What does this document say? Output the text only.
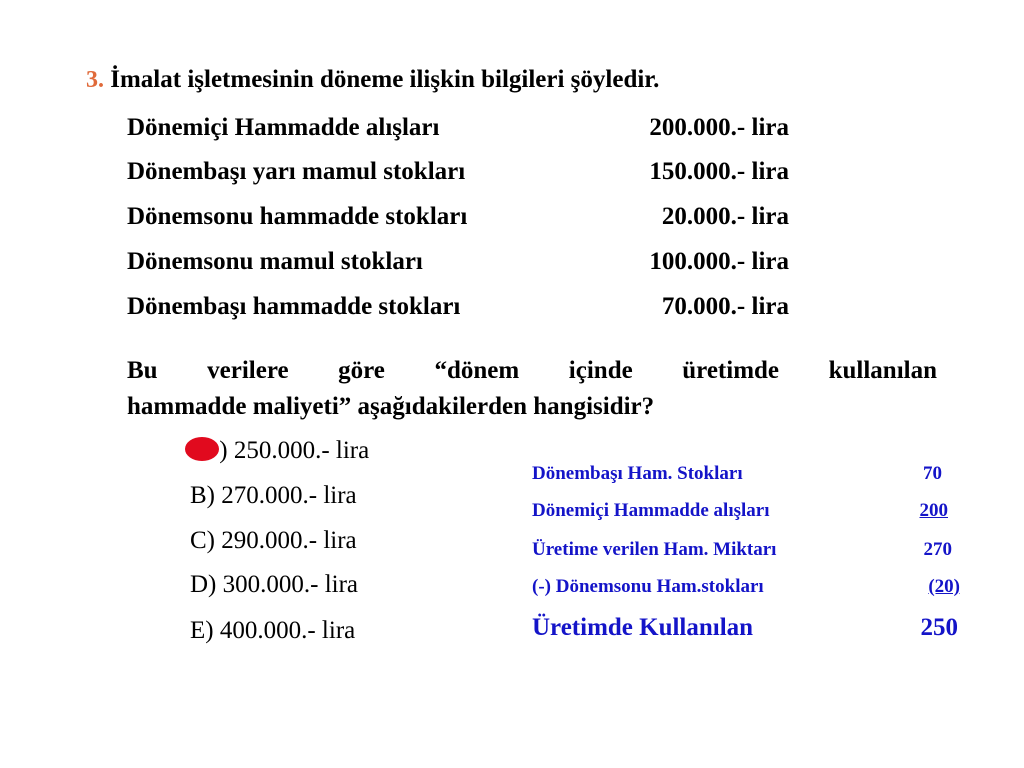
3. İmalat işletmesinin döneme ilişkin bilgileri şöyledir.
Dönemiçi Hammadde alışları	200.000.- lira
Dönembaşı yarı mamul stokları	150.000.- lira
Dönemsonu hammadde stokları	20.000.- lira
Dönemsonu mamul stokları	100.000.- lira
Dönembaşı hammadde stokları	70.000.- lira
Bu verilere göre “dönem içinde üretimde kullanılan
hammadde maliyeti” aşağıdakilerden hangisidir?
) 250.000.- lira
B) 270.000.- lira
C) 290.000.- lira
D) 300.000.- lira
E) 400.000.- lira
Dönembaşı Ham. Stokları	70
Dönemiçi Hammadde alışları	200
Üretime verilen Ham. Miktarı	270
(-) Dönemsonu Ham.stokları	(20)
Üretimde Kullanılan	250
